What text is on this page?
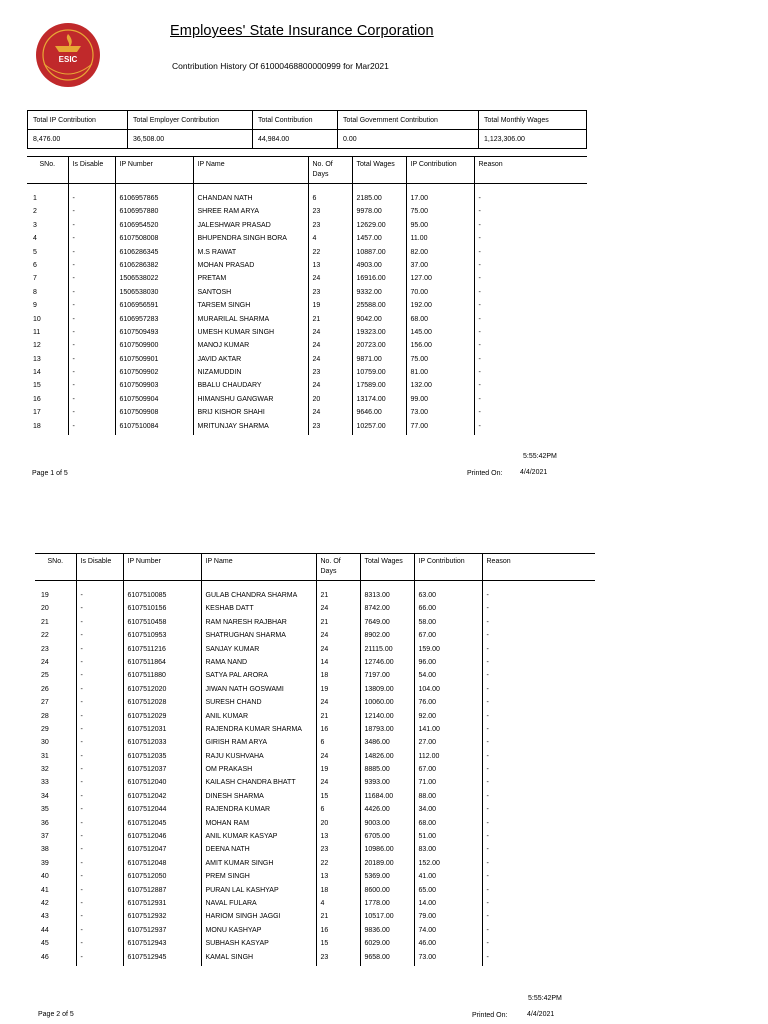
ESIC
Employees' State Insurance Corporation
Contribution History Of 61000468800000999 for Mar2021
Total IP Contribution	Total Employer Contribution	Total Contribution	Total Government Contribution	Total Monthly Wages
8,476.00	36,508.00	44,984.00	0.00	1,123,306.00
SNo.	Is Disable	IP Number	IP Name	No. Of Days	Total Wages	IP Contribution	Reason

1	-	6106957865	CHANDAN NATH	6	2185.00	17.00	-
2	-	6106957880	SHREE RAM ARYA	23	9978.00	75.00	-
3	-	6106954520	JALESHWAR PRASAD	23	12629.00	95.00	-
4	-	6107508008	BHUPENDRA SINGH BORA	4	1457.00	11.00	-
5	-	6106286345	M.S RAWAT	22	10887.00	82.00	-
6	-	6106286382	MOHAN PRASAD	13	4903.00	37.00	-
7	-	1506538022	PRETAM	24	16916.00	127.00	-
8	-	1506538030	SANTOSH	23	9332.00	70.00	-
9	-	6106956591	TARSEM SINGH	19	25588.00	192.00	-
10	-	6106957283	MURARILAL SHARMA	21	9042.00	68.00	-
11	-	6107509493	UMESH KUMAR SINGH	24	19323.00	145.00	-
12	-	6107509900	MANOJ KUMAR	24	20723.00	156.00	-
13	-	6107509901	JAVID AKTAR	24	9871.00	75.00	-
14	-	6107509902	NIZAMUDDIN	23	10759.00	81.00	-
15	-	6107509903	BBALU CHAUDARY	24	17589.00	132.00	-
16	-	6107509904	HIMANSHU GANGWAR	20	13174.00	99.00	-
17	-	6107509908	BRIJ KISHOR SHAHI	24	9646.00	73.00	-
18	-	6107510084	MRITUNJAY SHARMA	23	10257.00	77.00	-
5:55:42PM
Page 1 of 5	Printed On:	4/4/2021
SNo.	Is Disable	IP Number	IP Name	No. Of Days	Total Wages	IP Contribution	Reason

19	-	6107510085	GULAB CHANDRA SHARMA	21	8313.00	63.00	-
20	-	6107510156	KESHAB DATT	24	8742.00	66.00	-
21	-	6107510458	RAM NARESH RAJBHAR	21	7649.00	58.00	-
22	-	6107510953	SHATRUGHAN SHARMA	24	8902.00	67.00	-
23	-	6107511216	SANJAY KUMAR	24	21115.00	159.00	-
24	-	6107511864	RAMA NAND	14	12746.00	96.00	-
25	-	6107511880	SATYA PAL ARORA	18	7197.00	54.00	-
26	-	6107512020	JIWAN NATH GOSWAMI	19	13809.00	104.00	-
27	-	6107512028	SURESH CHAND	24	10060.00	76.00	-
28	-	6107512029	ANIL KUMAR	21	12140.00	92.00	-
29	-	6107512031	RAJENDRA KUMAR SHARMA	16	18793.00	141.00	-
30	-	6107512033	GIRISH RAM ARYA	6	3486.00	27.00	-
31	-	6107512035	RAJU KUSHVAHA	24	14826.00	112.00	-
32	-	6107512037	OM PRAKASH	19	8885.00	67.00	-
33	-	6107512040	KAILASH CHANDRA BHATT	24	9393.00	71.00	-
34	-	6107512042	DINESH SHARMA	15	11684.00	88.00	-
35	-	6107512044	RAJENDRA KUMAR	6	4426.00	34.00	-
36	-	6107512045	MOHAN RAM	20	9003.00	68.00	-
37	-	6107512046	ANIL KUMAR KASYAP	13	6705.00	51.00	-
38	-	6107512047	DEENA NATH	23	10986.00	83.00	-
39	-	6107512048	AMIT KUMAR SINGH	22	20189.00	152.00	-
40	-	6107512050	PREM SINGH	13	5369.00	41.00	-
41	-	6107512887	PURAN LAL KASHYAP	18	8600.00	65.00	-
42	-	6107512931	NAVAL FULARA	4	1778.00	14.00	-
43	-	6107512932	HARIOM SINGH JAGGI	21	10517.00	79.00	-
44	-	6107512937	MONU KASHYAP	16	9836.00	74.00	-
45	-	6107512943	SUBHASH KASYAP	15	6029.00	46.00	-
46	-	6107512945	KAMAL SINGH	23	9658.00	73.00	-
5:55:42PM
Page 2 of 5	Printed On:	4/4/2021
